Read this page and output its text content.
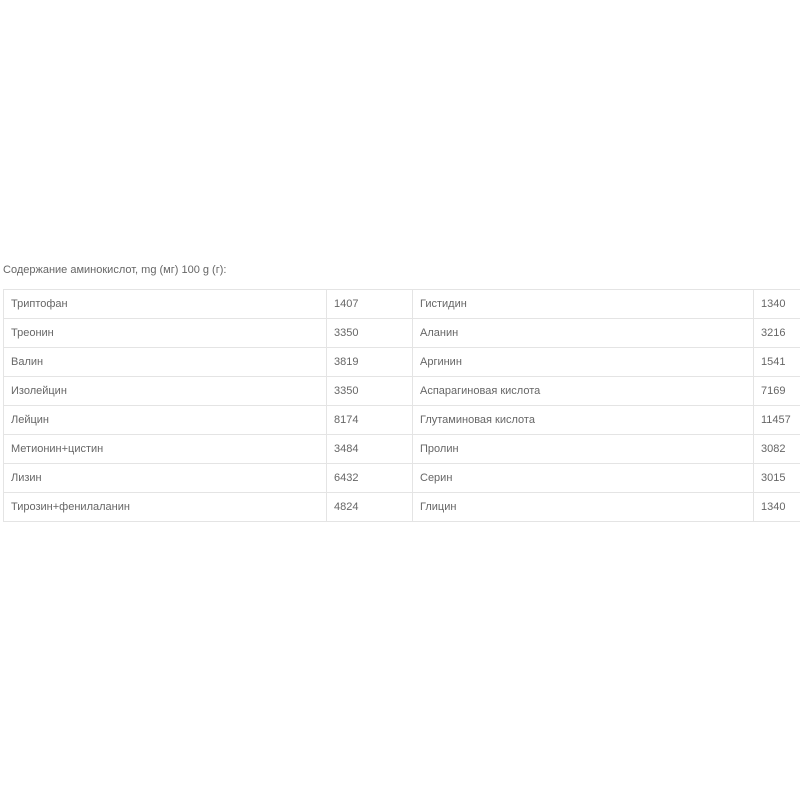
Содержание аминокислот, mg (мг) 100 g (г):
Триптофан	1407	Гистидин	1340
Треонин	3350	Аланин	3216
Валин	3819	Аргинин	1541
Изолейцин	3350	Аспарагиновая кислота	7169
Лейцин	8174	Глутаминовая кислота	11457
Метионин+цистин	3484	Пролин	3082
Лизин	6432	Серин	3015
Тирозин+фенилаланин	4824	Глицин	1340
